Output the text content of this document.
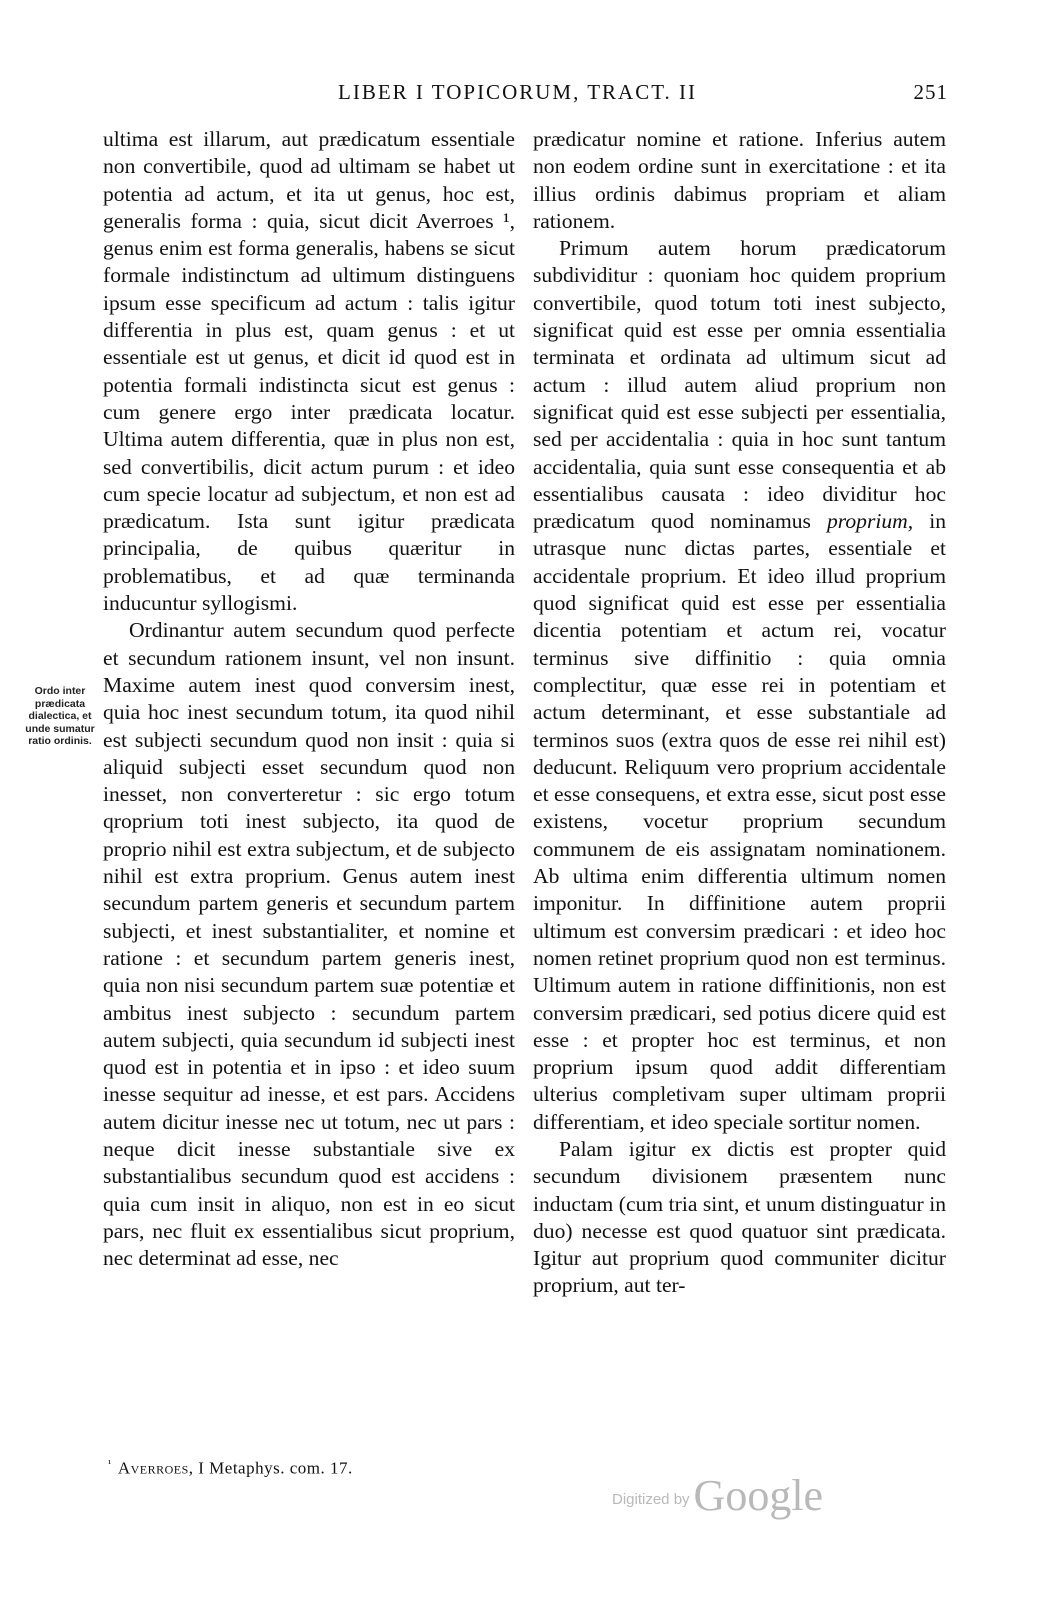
LIBER I TOPICORUM, TRACT. II	251

ultima est illarum, aut prædicatum essentiale non convertibile, quod ad ultimam se habet ut potentia ad actum, et ita ut genus, hoc est, generalis forma : quia, sicut dicit Averroes ¹, genus enim est forma generalis, habens se sicut formale indistinctum ad ultimum distinguens ipsum esse specificum ad actum : talis igitur differentia in plus est, quam genus : et ut essentiale est ut genus, et dicit id quod est in potentia formali indistincta sicut est genus : cum genere ergo inter prædicata locatur. Ultima autem differentia, quæ in plus non est, sed convertibilis, dicit actum purum : et ideo cum specie locatur ad subjectum, et non est ad prædicatum. Ista sunt igitur prædicata principalia, de quibus quæritur in problematibus, et ad quæ terminanda inducuntur syllogismi.

Ordinantur autem secundum quod perfecte et secundum rationem insunt, vel non insunt. Maxime autem inest quod conversim inest, quia hoc inest secundum totum, ita quod nihil est subjecti secundum quod non insit : quia si aliquid subjecti esset secundum quod non inesset, non converteretur : sic ergo totum qroprium toti inest subjecto, ita quod de proprio nihil est extra subjectum, et de subjecto nihil est extra proprium. Genus autem inest secundum partem generis et secundum partem subjecti, et inest substantialiter, et nomine et ratione : et secundum partem generis inest, quia non nisi secundum partem suæ potentiæ et ambitus inest subjecto : secundum partem autem subjecti, quia secundum id subjecti inest quod est in potentia et in ipso : et ideo suum inesse sequitur ad inesse, et est pars. Accidens autem dicitur inesse nec ut totum, nec ut pars : neque dicit inesse substantiale sive ex substantialibus secundum quod est accidens : quia cum insit in aliquo, non est in eo sicut pars, nec fluit ex essentialibus sicut proprium, nec determinat ad esse, nec

Ordo inter prædicata dialectica, et unde sumatur ratio ordinis.

prædicatur nomine et ratione. Inferius autem non eodem ordine sunt in exercitatione : et ita illius ordinis dabimus propriam et aliam rationem.

Primum autem horum prædicatorum subdividitur : quoniam hoc quidem proprium convertibile, quod totum toti inest subjecto, significat quid est esse per omnia essentialia terminata et ordinata ad ultimum sicut ad actum : illud autem aliud proprium non significat quid est esse subjecti per essentialia, sed per accidentalia : quia in hoc sunt tantum accidentalia, quia sunt esse consequentia et ab essentialibus causata : ideo dividitur hoc prædicatum quod nominamus proprium, in utrasque nunc dictas partes, essentiale et accidentale proprium. Et ideo illud proprium quod significat quid est esse per essentialia dicentia potentiam et actum rei, vocatur terminus sive diffinitio : quia omnia complectitur, quæ esse rei in potentiam et actum determinant, et esse substantiale ad terminos suos (extra quos de esse rei nihil est) deducunt. Reliquum vero proprium accidentale et esse consequens, et extra esse, sicut post esse existens, vocetur proprium secundum communem de eis assignatam nominationem. Ab ultima enim differentia ultimum nomen imponitur. In diffinitione autem proprii ultimum est conversim prædicari : et ideo hoc nomen retinet proprium quod non est terminus. Ultimum autem in ratione diffinitionis, non est conversim prædicari, sed potius dicere quid est esse : et propter hoc est terminus, et non proprium ipsum quod addit differentiam ulterius completivam super ultimam proprii differentiam, et ideo speciale sortitur nomen.

Palam igitur ex dictis est propter quid secundum divisionem præsentem nunc inductam (cum tria sint, et unum distinguatur in duo) necesse est quod quatuor sint prædicata. Igitur aut proprium quod communiter dicitur proprium, aut ter-

$^{^1}$ Averroes, I Metaphys. com. 17.
Digitized byGoogle
